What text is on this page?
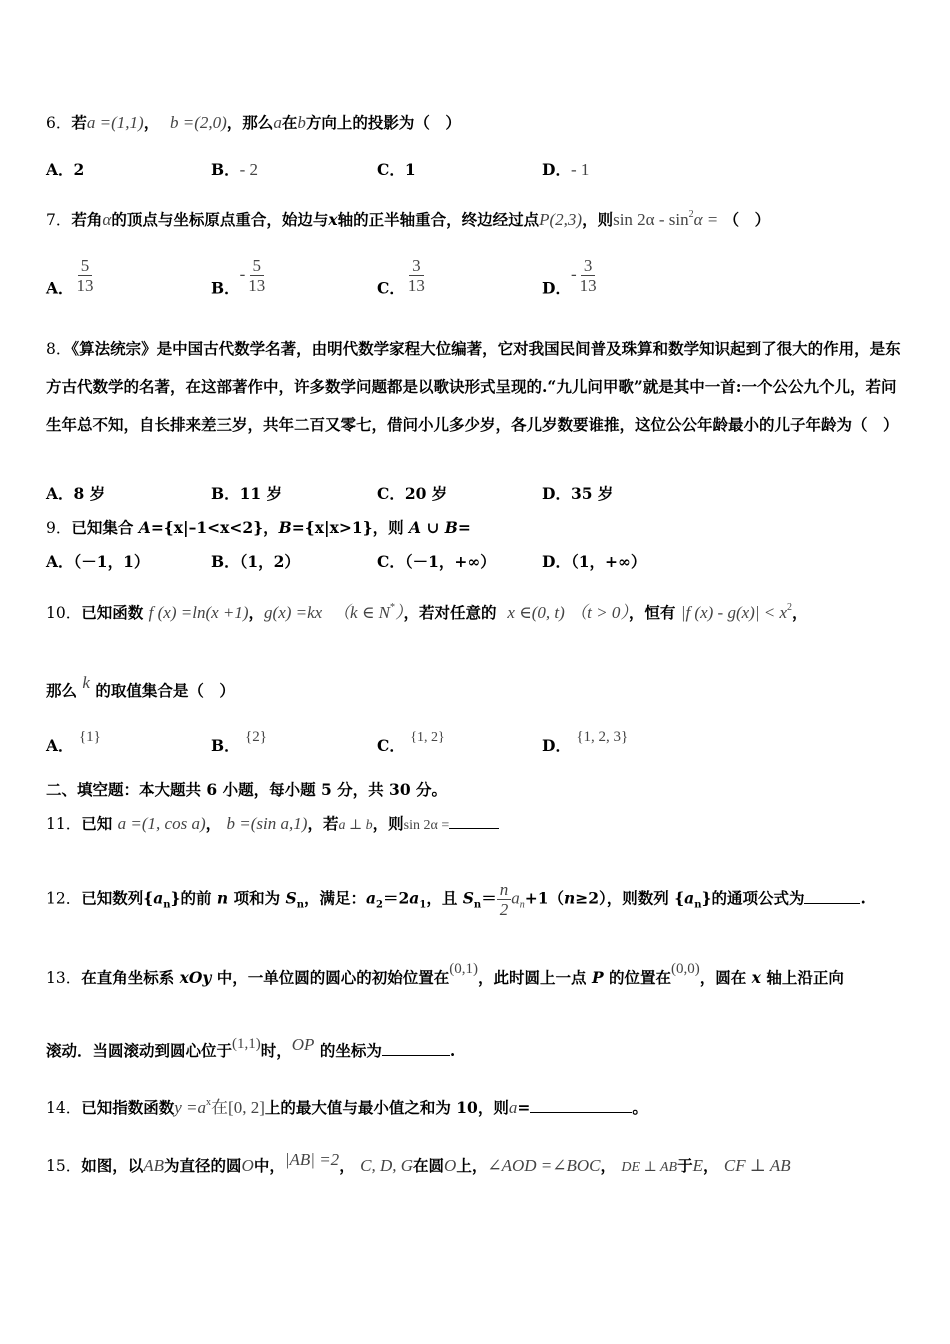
6．若a =(1,1)， b =(2,0)，那么a在b方向上的投影为（　）
A．2	B．- 2	C．1	D．- 1
7．若角α的顶点与坐标原点重合，始边与x轴的正半轴重合，终边经过点P(2,3)，则$\sin 2\alpha - \sin^2\alpha$ = （　）
A． $\frac{5}{13}$	B．- $\frac{5}{13}$	C． $\frac{3}{13}$	D．- $\frac{3}{13}$
8．《算法统宗》是中国古代数学名著，由明代数学家程大位编著，它对我国民间普及珠算和数学知识起到了很大的作用，是东方古代数学的名著，在这部著作中，许多数学问题都是以歌诀形式呈现的.“九儿问甲歌”就是其中一首:一个公公九个儿，若问生年总不知，自长排来差三岁，共年二百又零七，借问小儿多少岁，各儿岁数要谁推，这位公公年龄最小的儿子年龄为（　）
A．8 岁	B．11 岁	C．20 岁	D．35 岁
9．已知集合 A={x|–1<x<2}，B={x|x>1}，则 A ∪ B=
A．（－1，1）	B．（1，2）	C．（－1，+∞）	D．（1，+∞）
10．已知函数 f (x) =ln(x +1)，g(x) =kx （k ∈ N*），若对任意的 x ∈(0, t) （t > 0），恒有 |f $(x) - g(x)| < x^2$，
那么 k 的取值集合是（　）
A． {1}	B． {2}	C． {1, 2}	D． {1, 2, 3}
二、填空题：本大题共 6 小题，每小题 5 分，共 30 分。
11．已知 a =(1, cos a)， b =(sin a,1)，若a ⊥ b，则sin 2α =
12．已知数列$\{a_n\}$的前 n 项和为 $S_n$，满足：$a_2=2a_1$，且 $S_n= \frac{n}{2} a_n+1(n\ge 2)$，则数列 $\{a_n\}$的通项公式为	.
13．在直角坐标系 xOy 中，一单位圆的圆心的初始位置在(0,1)，此时圆上一点 P 的位置在(0,0)，圆在 x 轴上沿正向
滚动．当圆滚动到圆心位于(1,1)时，OP 的坐标为	.
14．已知指数函数$y =a^x$在[0, 2]上的最大值与最小值之和为 10，则a=	。
15．如图，以AB为直径的圆O中，|AB| =2， C, D, G在圆O上，∠AOD =∠BOC， DE ⊥ AB于E， CF ⊥ AB
